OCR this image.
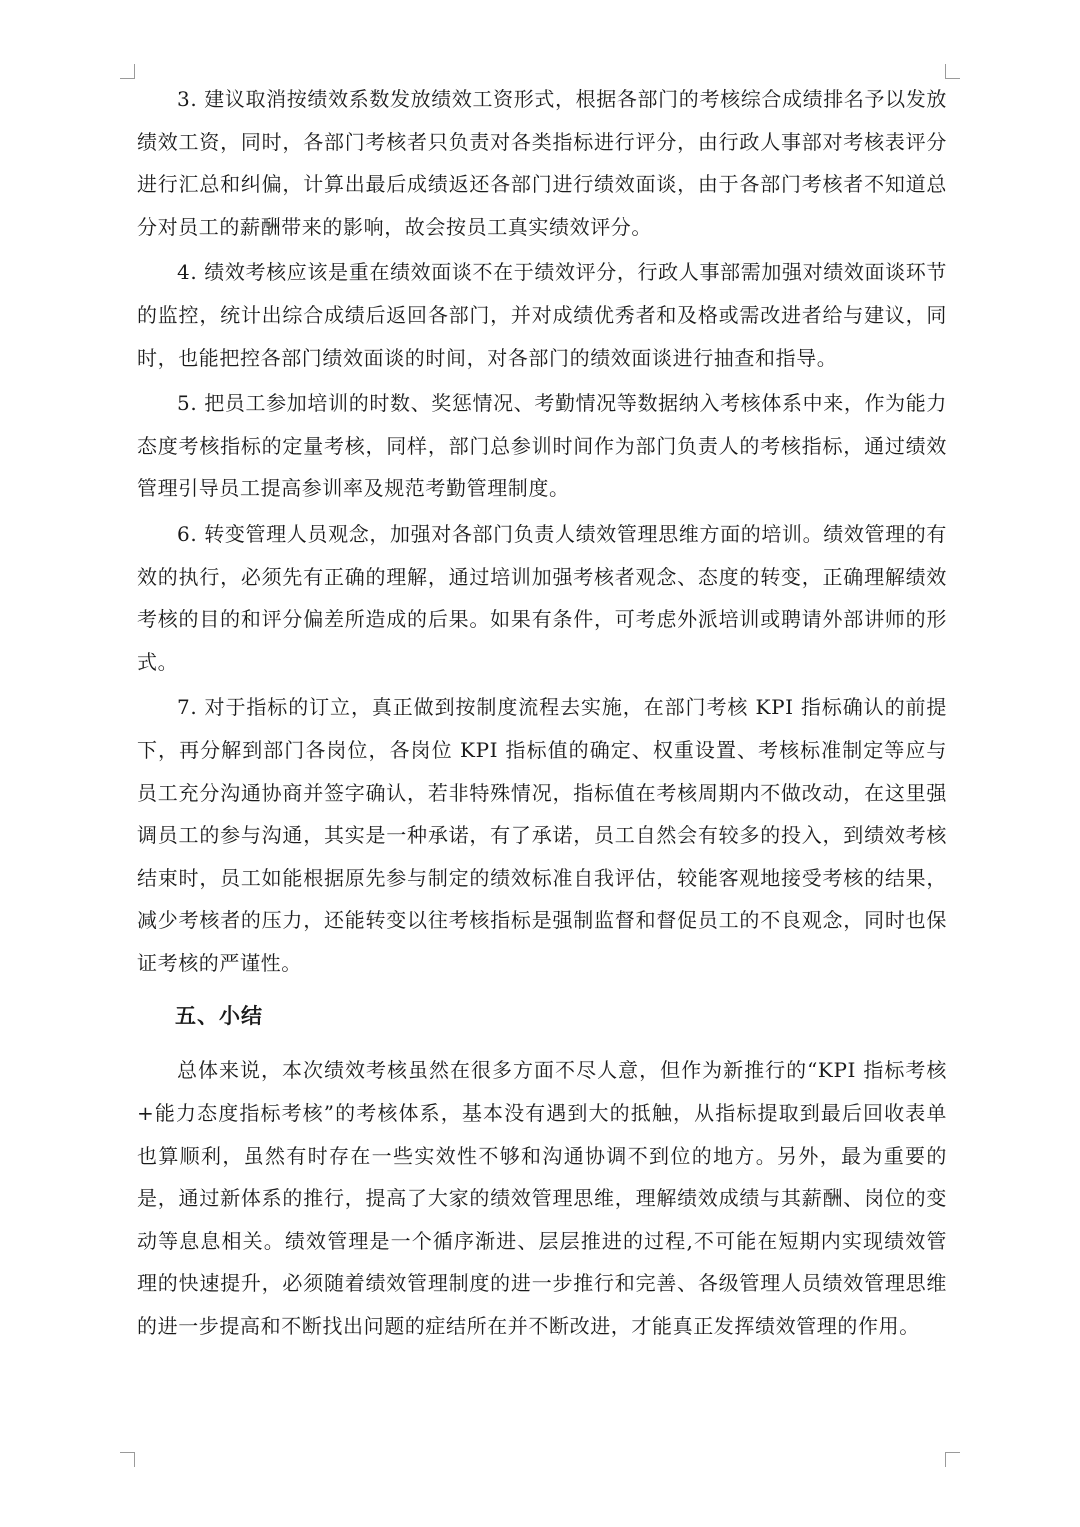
3. 建议取消按绩效系数发放绩效工资形式，根据各部门的考核综合成绩排名予以发放绩效工资，同时，各部门考核者只负责对各类指标进行评分，由行政人事部对考核表评分进行汇总和纠偏，计算出最后成绩返还各部门进行绩效面谈，由于各部门考核者不知道总分对员工的薪酬带来的影响，故会按员工真实绩效评分。

4. 绩效考核应该是重在绩效面谈不在于绩效评分，行政人事部需加强对绩效面谈环节的监控，统计出综合成绩后返回各部门，并对成绩优秀者和及格或需改进者给与建议，同时，也能把控各部门绩效面谈的时间，对各部门的绩效面谈进行抽查和指导。

5. 把员工参加培训的时数、奖惩情况、考勤情况等数据纳入考核体系中来，作为能力态度考核指标的定量考核，同样，部门总参训时间作为部门负责人的考核指标，通过绩效管理引导员工提高参训率及规范考勤管理制度。

6. 转变管理人员观念，加强对各部门负责人绩效管理思维方面的培训。绩效管理的有效的执行，必须先有正确的理解，通过培训加强考核者观念、态度的转变，正确理解绩效考核的目的和评分偏差所造成的后果。如果有条件，可考虑外派培训或聘请外部讲师的形式。

7. 对于指标的订立，真正做到按制度流程去实施，在部门考核 KPI 指标确认的前提下，再分解到部门各岗位，各岗位 KPI 指标值的确定、权重设置、考核标准制定等应与员工充分沟通协商并签字确认，若非特殊情况，指标值在考核周期内不做改动，在这里强调员工的参与沟通，其实是一种承诺，有了承诺，员工自然会有较多的投入，到绩效考核结束时，员工如能根据原先参与制定的绩效标准自我评估，较能客观地接受考核的结果，减少考核者的压力，还能转变以往考核指标是强制监督和督促员工的不良观念，同时也保证考核的严谨性。

五、小结

总体来说，本次绩效考核虽然在很多方面不尽人意，但作为新推行的“KPI 指标考核+能力态度指标考核”的考核体系，基本没有遇到大的抵触，从指标提取到最后回收表单也算顺利，虽然有时存在一些实效性不够和沟通协调不到位的地方。另外，最为重要的是，通过新体系的推行，提高了大家的绩效管理思维，理解绩效成绩与其薪酬、岗位的变动等息息相关。绩效管理是一个循序渐进、层层推进的过程,不可能在短期内实现绩效管理的快速提升，必须随着绩效管理制度的进一步推行和完善、各级管理人员绩效管理思维的进一步提高和不断找出问题的症结所在并不断改进，才能真正发挥绩效管理的作用。
